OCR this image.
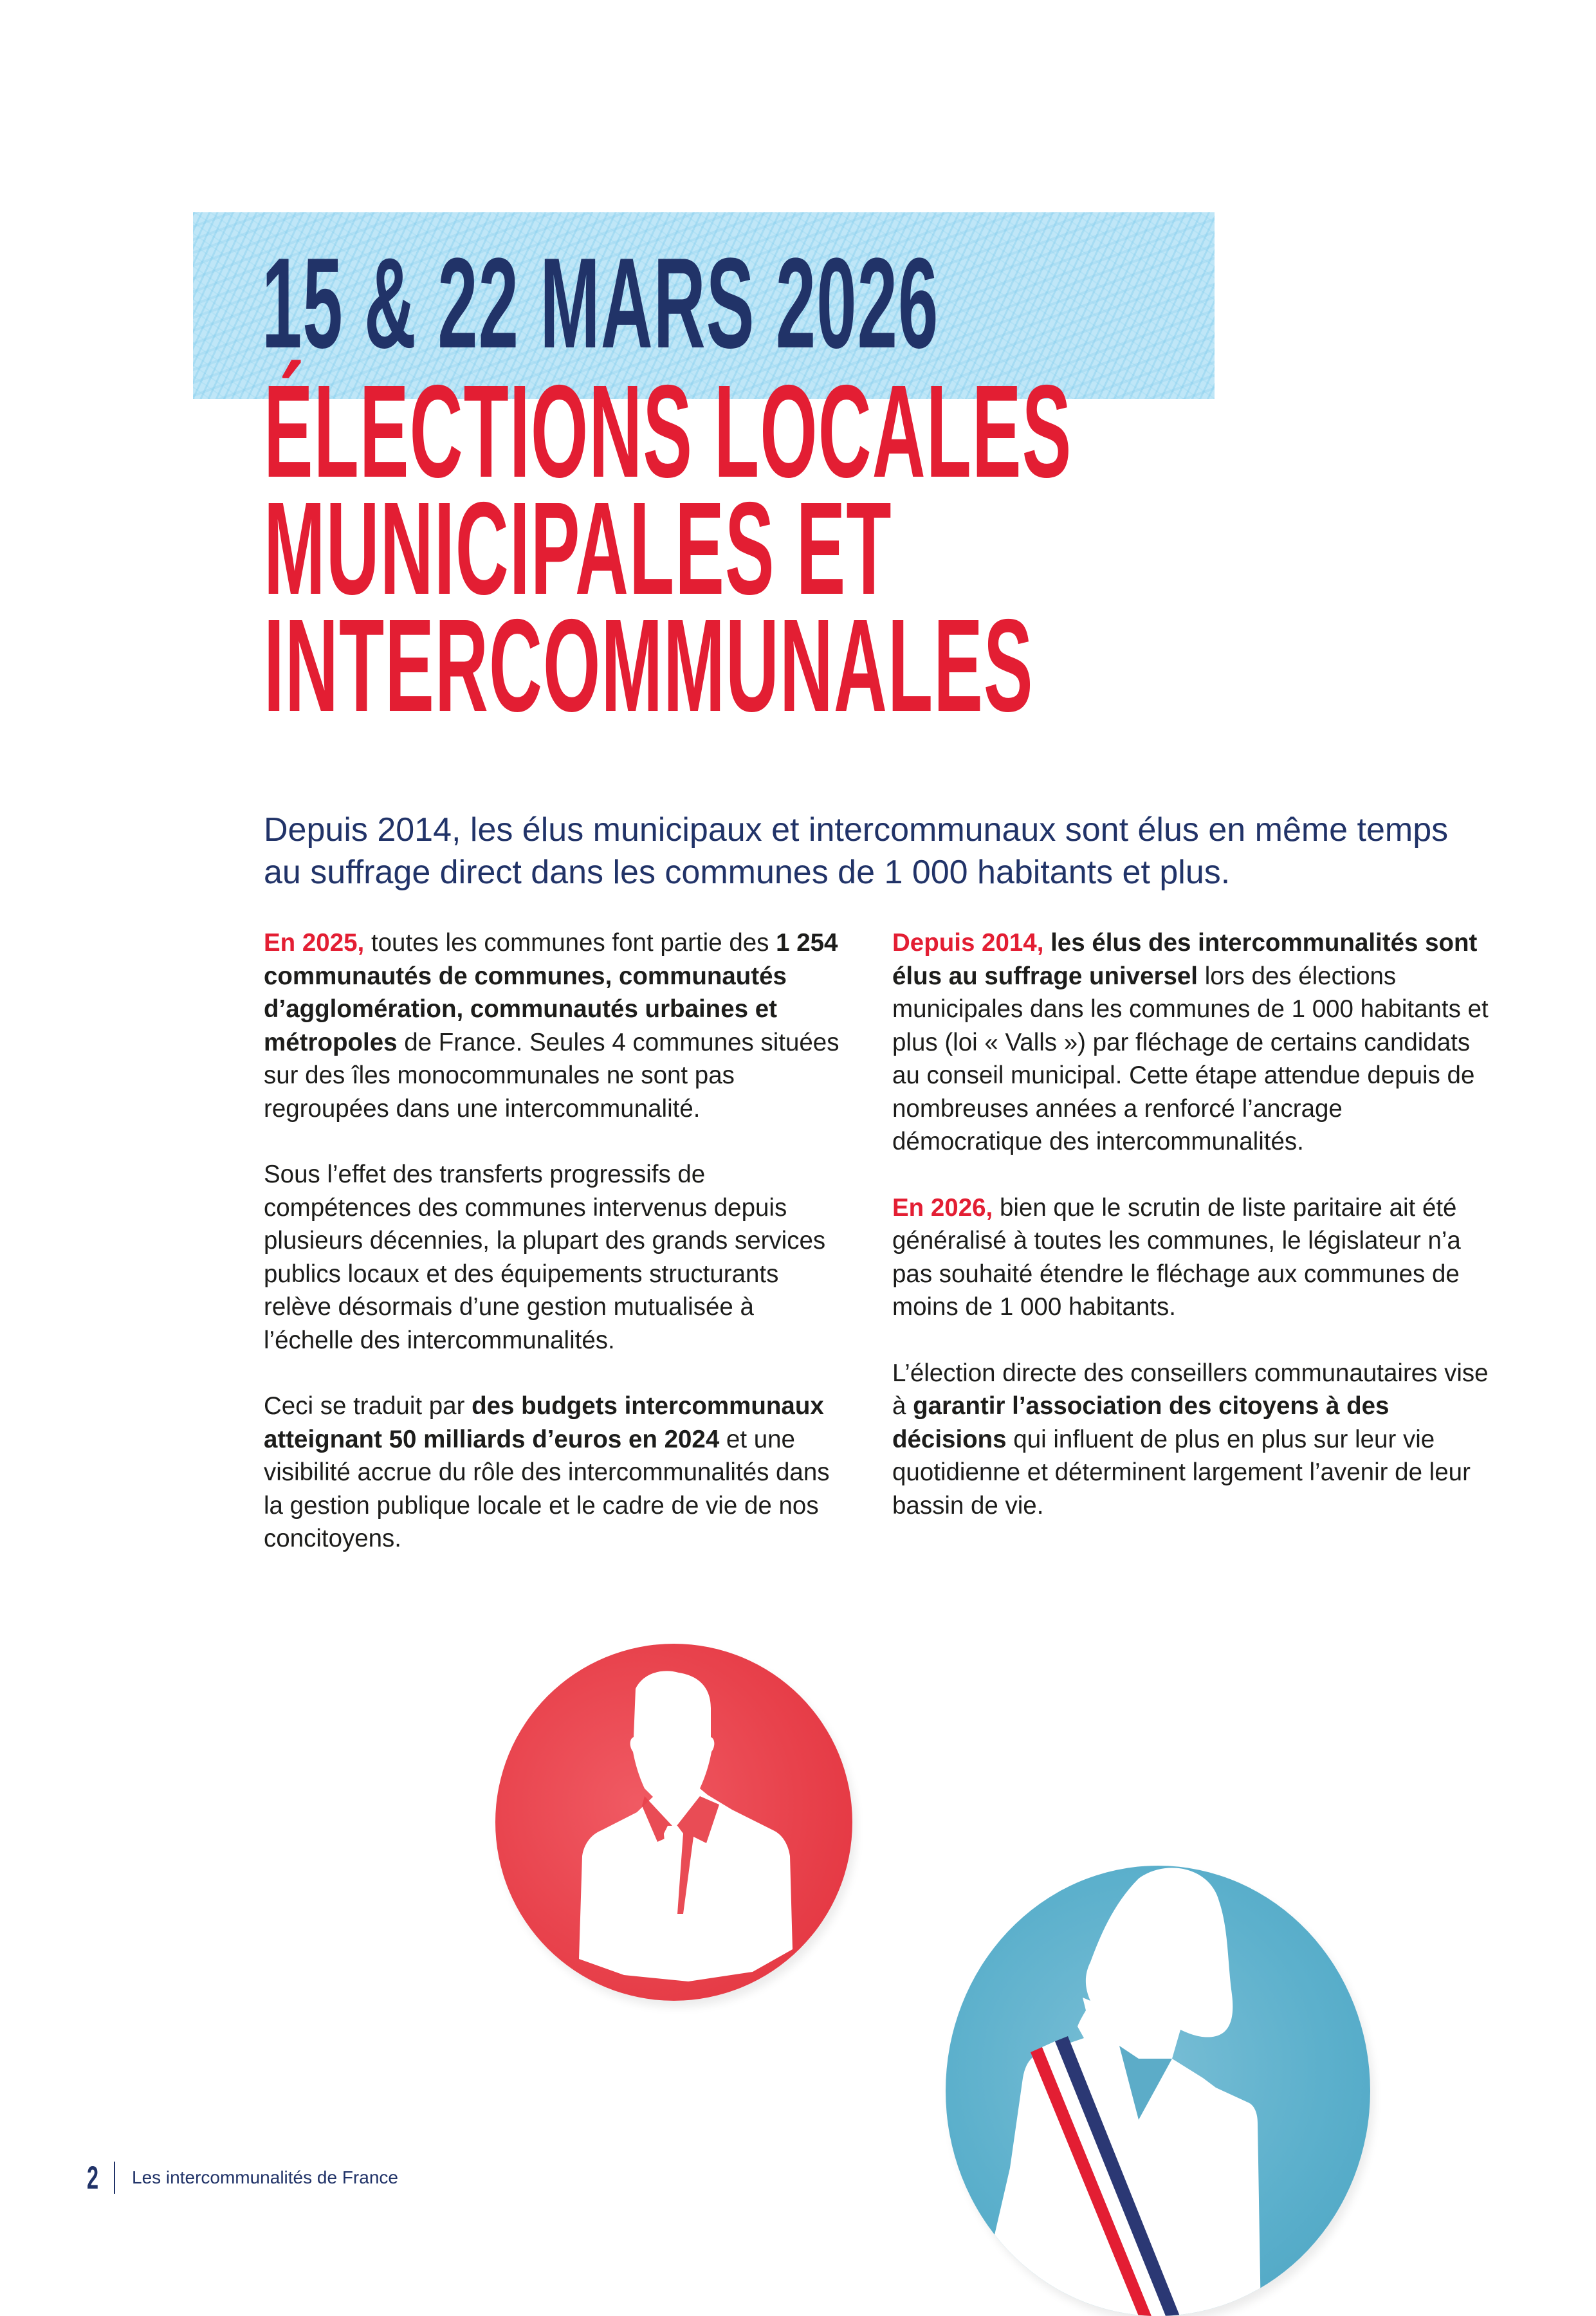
15 & 22 MARS 2026
ÉLECTIONS LOCALES
MUNICIPALES ET
INTERCOMMUNALES

Depuis 2014, les élus municipaux et intercommunaux sont élus en même temps au suffrage direct dans les communes de 1 000 habitants et plus.

En 2025, toutes les communes font partie des 1 254 communautés de communes, communautés d’agglomération, communautés urbaines et métropoles de France. Seules 4 communes situées sur des îles monocommunales ne sont pas regroupées dans une intercommunalité.

Sous l’effet des transferts progressifs de compétences des communes intervenus depuis plusieurs décennies, la plupart des grands services publics locaux et des équipements structurants relève désormais d’une gestion mutualisée à l’échelle des intercommunalités.

Ceci se traduit par des budgets intercommunaux atteignant 50 milliards d’euros en 2024 et une visibilité accrue du rôle des intercommunalités dans la gestion publique locale et le cadre de vie de nos concitoyens.

Depuis 2014, les élus des intercommunalités sont élus au suffrage universel lors des élections municipales dans les communes de 1 000 habitants et plus (loi « Valls ») par fléchage de certains candidats au conseil municipal. Cette étape attendue depuis de nombreuses années a renforcé l’ancrage démocratique des intercommunalités.

En 2026, bien que le scrutin de liste paritaire ait été généralisé à toutes les communes, le législateur n’a pas souhaité étendre le fléchage aux communes de moins de 1 000 habitants.

L’élection directe des conseillers communautaires vise à garantir l’association des citoyens à des décisions qui influent de plus en plus sur leur vie quotidienne et déterminent largement l’avenir de leur bassin de vie.

2 Les intercommunalités de France
